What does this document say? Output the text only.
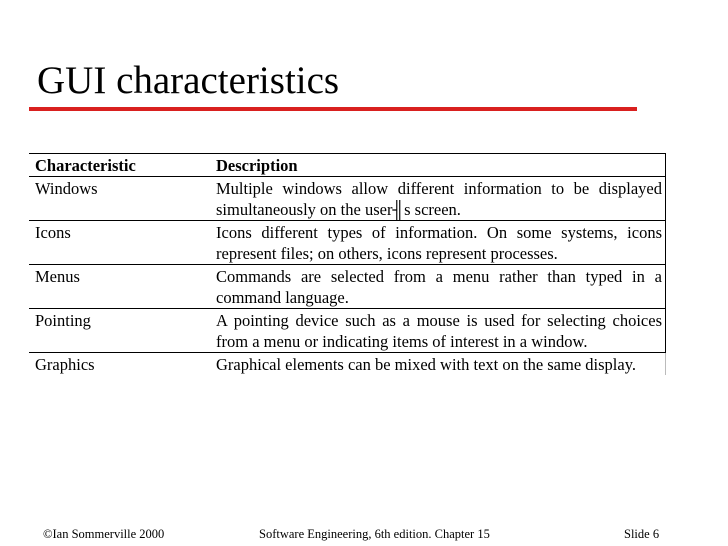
GUI characteristics
Characteristic	Description
Windows	Multiple windows allow different information to be displayed simultaneously on the user╢s screen.
Icons	Icons different types of information. On some systems, icons represent files; on others, icons represent processes.
Menus	Commands are selected from a menu rather than typed in a command language.
Pointing	A pointing device such as a mouse is used for selecting choices from a menu or indicating items of interest in a window.
Graphics	Graphical elements can be mixed with text on the same display.
©Ian Sommerville 2000	Software Engineering, 6th edition. Chapter 15	Slide 6
